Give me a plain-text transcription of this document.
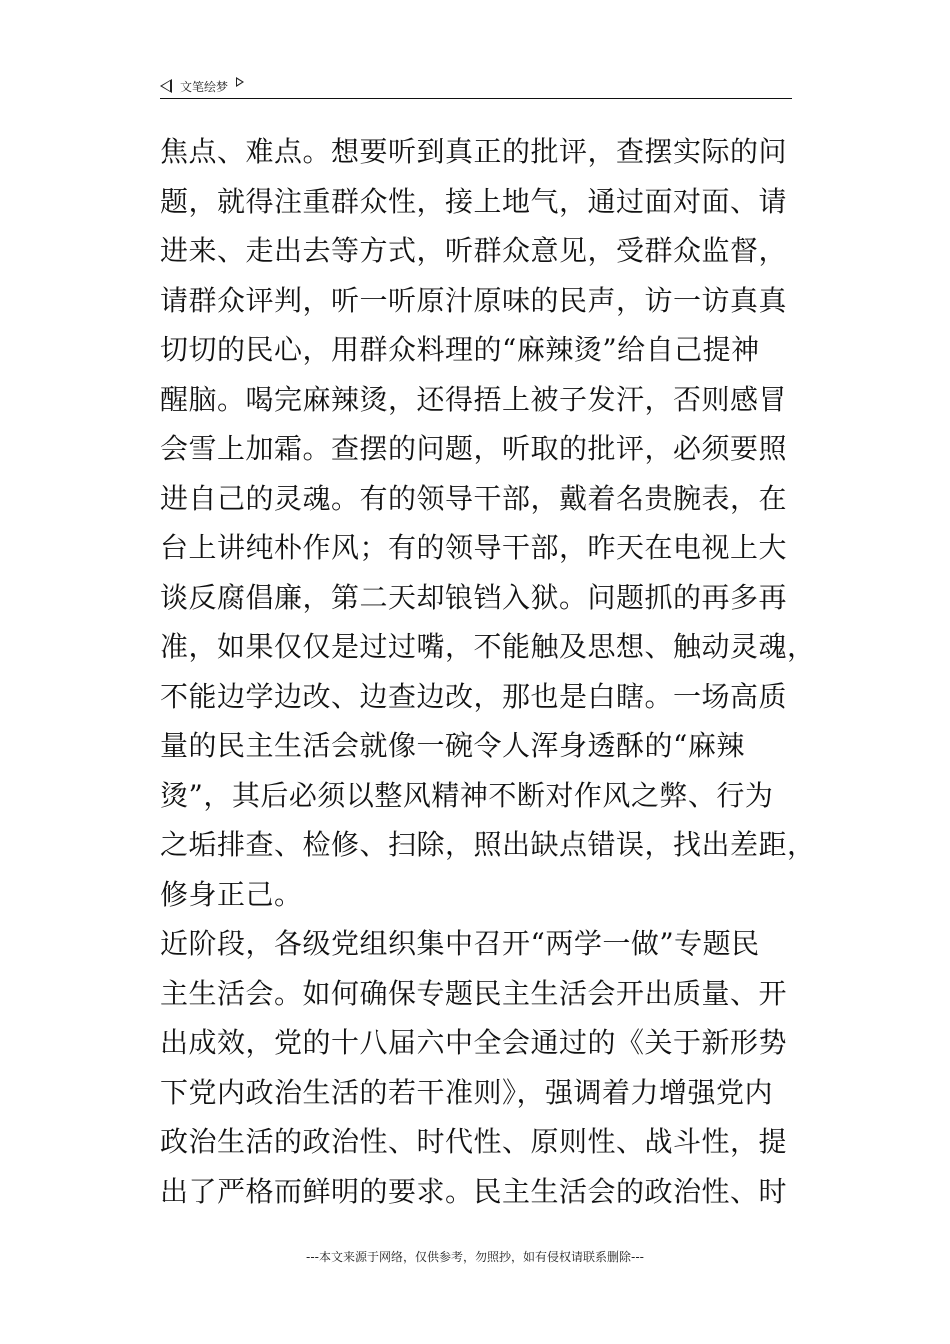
文笔绘梦
焦点、难点。想要听到真正的批评，查摆实际的问
题，就得注重群众性，接上地气，通过面对面、请
进来、走出去等方式，听群众意见，受群众监督，
请群众评判，听一听原汁原味的民声，访一访真真
切切的民心，用群众料理的“麻辣烫”给自己提神
醒脑。喝完麻辣烫，还得捂上被子发汗，否则感冒
会雪上加霜。查摆的问题，听取的批评，必须要照
进自己的灵魂。有的领导干部，戴着名贵腕表，在
台上讲纯朴作风；有的领导干部，昨天在电视上大
谈反腐倡廉，第二天却锒铛入狱。问题抓的再多再
准，如果仅仅是过过嘴，不能触及思想、触动灵魂，
不能边学边改、边查边改，那也是白瞎。一场高质
量的民主生活会就像一碗令人浑身透酥的“麻辣
烫”，其后必须以整风精神不断对作风之弊、行为
之垢排查、检修、扫除，照出缺点错误，找出差距，
修身正己。
近阶段，各级党组织集中召开“两学一做”专题民
主生活会。如何确保专题民主生活会开出质量、开
出成效，党的十八届六中全会通过的《关于新形势
下党内政治生活的若干准则》，强调着力增强党内
政治生活的政治性、时代性、原则性、战斗性，提
出了严格而鲜明的要求。民主生活会的政治性、时
---本文来源于网络，仅供参考，勿照抄，如有侵权请联系删除---
